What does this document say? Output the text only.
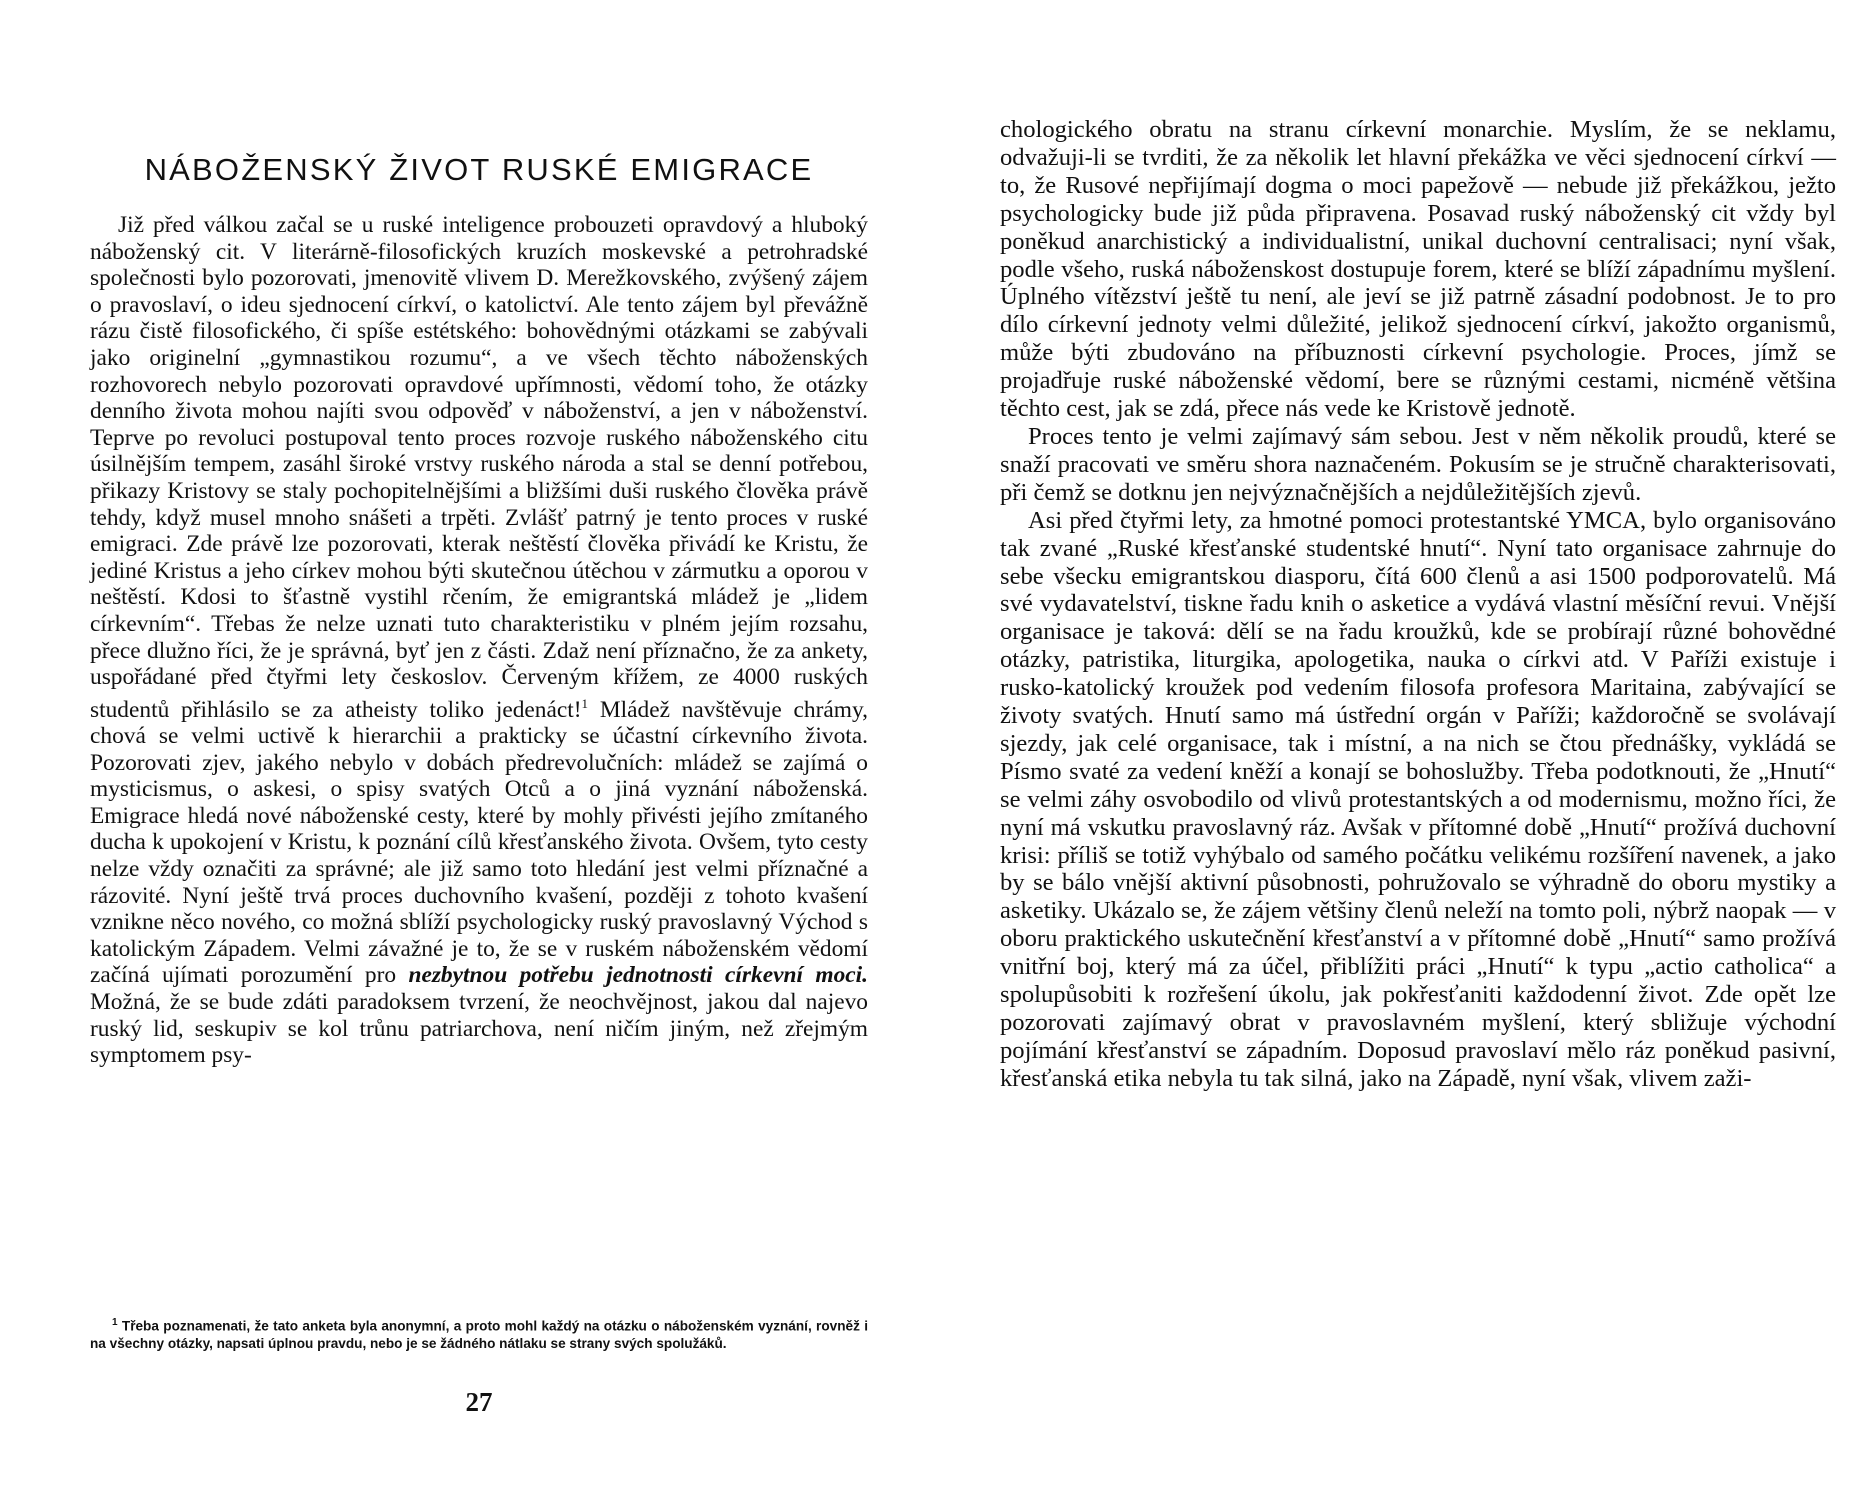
NÁBOŽENSKÝ ŽIVOT RUSKÉ EMIGRACE

Již před válkou začal se u ruské inteligence probouzeti opravdový a hluboký náboženský cit. V literárně-filosofických kruzích moskevské a petrohradské společnosti bylo pozorovati, jmenovitě vlivem D. Merežkovského, zvýšený zájem o pravoslaví, o ideu sjednocení církví, o katolictví. Ale tento zájem byl převážně rázu čistě filosofického, či spíše estétského: bohovědnými otázkami se zabývali jako originelní „gymnastikou rozumu“, a ve všech těchto náboženských rozhovorech nebylo pozorovati opravdové upřímnosti, vědomí toho, že otázky denního života mohou najíti svou odpověď v náboženství, a jen v náboženství. Teprve po revoluci postupoval tento proces rozvoje ruského náboženského citu úsilnějším tempem, zasáhl široké vrstvy ruského národa a stal se denní potřebou, přikazy Kristovy se staly pochopitelnějšími a bližšími duši ruského člověka právě tehdy, když musel mnoho snášeti a trpěti. Zvlášť patrný je tento proces v ruské emigraci. Zde právě lze pozorovati, kterak neštěstí člověka přivádí ke Kristu, že jediné Kristus a jeho církev mohou býti skutečnou útěchou v zármutku a oporou v neštěstí. Kdosi to šťastně vystihl rčením, že emigrantská mládež je „lidem církevním“. Třebas že nelze uznati tuto charakteristiku v plném jejím rozsahu, přece dlužno říci, že je správná, byť jen z části. Zdaž není příznačno, že za ankety, uspořádané před čtyřmi lety českoslov. Červeným křížem, ze 4000 ruských studentů přihlásilo se za atheisty toliko jedenáct!$^1$ Mládež navštěvuje chrámy, chová se velmi uctivě k hierarchii a prakticky se účastní církevního života. Pozorovati zjev, jakého nebylo v dobách předrevolučních: mládež se zajímá o mysticismus, o askesi, o spisy svatých Otců a o jiná vyznání náboženská. Emigrace hledá nové náboženské cesty, které by mohly přivésti jejího zmítaného ducha k upokojení v Kristu, k poznání cílů křesťanského života. Ovšem, tyto cesty nelze vždy označiti za správné; ale již samo toto hledání jest velmi příznačné a rázovité. Nyní ještě trvá proces duchovního kvašení, později z tohoto kvašení vznikne něco nového, co možná sblíží psychologicky ruský pravoslavný Východ s katolickým Západem. Velmi závažné je to, že se v ruském náboženském vědomí začíná ujímati porozumění pro nezbytnou potřebu jednotnosti církevní moci. Možná, že se bude zdáti paradoksem tvrzení, že neochvějnost, jakou dal najevo ruský lid, seskupiv se kol trůnu patriarchova, není ničím jiným, než zřejmým symptomem psy-

$^1$ Třeba poznamenati, že tato anketa byla anonymní, a proto mohl každý na otázku o náboženském vyznání, rovněž i na všechny otázky, napsati úplnou pravdu, nebo je se žádného nátlaku se strany svých spolužáků.

27

chologického obratu na stranu církevní monarchie. Myslím, že se neklamu, odvažuji-li se tvrditi, že za několik let hlavní překážka ve věci sjednocení církví — to, že Rusové nepřijímají dogma o moci papežově — nebude již překážkou, ježto psychologicky bude již půda připravena. Posavad ruský náboženský cit vždy byl poněkud anarchistický a individualistní, unikal duchovní centralisaci; nyní však, podle všeho, ruská náboženskost dostupuje forem, které se blíží západnímu myšlení. Úplného vítězství ještě tu není, ale jeví se již patrně zásadní podobnost. Je to pro dílo církevní jednoty velmi důležité, jelikož sjednocení církví, jakožto organismů, může býti zbudováno na příbuznosti církevní psychologie. Proces, jímž se projadřuje ruské náboženské vědomí, bere se různými cestami, nicméně většina těchto cest, jak se zdá, přece nás vede ke Kristově jednotě.

Proces tento je velmi zajímavý sám sebou. Jest v něm několik proudů, které se snaží pracovati ve směru shora naznačeném. Pokusím se je stručně charakterisovati, při čemž se dotknu jen nejvýznačnějších a nejdůležitějších zjevů.

Asi před čtyřmi lety, za hmotné pomoci protestantské YMCA, bylo organisováno tak zvané „Ruské křesťanské studentské hnutí“. Nyní tato organisace zahrnuje do sebe všecku emigrantskou diasporu, čítá 600 členů a asi 1500 podporovatelů. Má své vydavatelství, tiskne řadu knih o asketice a vydává vlastní měsíční revui. Vnější organisace je taková: dělí se na řadu kroužků, kde se probírají různé bohovědné otázky, patristika, liturgika, apologetika, nauka o církvi atd. V Paříži existuje i rusko-katolický kroužek pod vedením filosofa profesora Maritaina, zabývající se životy svatých. Hnutí samo má ústřední orgán v Paříži; každoročně se svolávají sjezdy, jak celé organisace, tak i místní, a na nich se čtou přednášky, vykládá se Písmo svaté za vedení kněží a konají se bohoslužby. Třeba podotknouti, že „Hnutí“ se velmi záhy osvobodilo od vlivů protestantských a od modernismu, možno říci, že nyní má vskutku pravoslavný ráz. Avšak v přítomné době „Hnutí“ prožívá duchovní krisi: příliš se totiž vyhýbalo od samého počátku velikému rozšíření navenek, a jako by se bálo vnější aktivní působnosti, pohružovalo se výhradně do oboru mystiky a asketiky. Ukázalo se, že zájem většiny členů neleží na tomto poli, nýbrž naopak — v oboru praktického uskutečnění křesťanství a v přítomné době „Hnutí“ samo prožívá vnitřní boj, který má za účel, přiblížiti práci „Hnutí“ k typu „actio catholica“ a spolupůsobiti k rozřešení úkolu, jak pokřesťaniti každodenní život. Zde opět lze pozorovati zajímavý obrat v pravoslavném myšlení, který sbližuje východní pojímání křesťanství se západním. Doposud pravoslaví mělo ráz poněkud pasivní, křesťanská etika nebyla tu tak silná, jako na Západě, nyní však, vlivem zaži-
